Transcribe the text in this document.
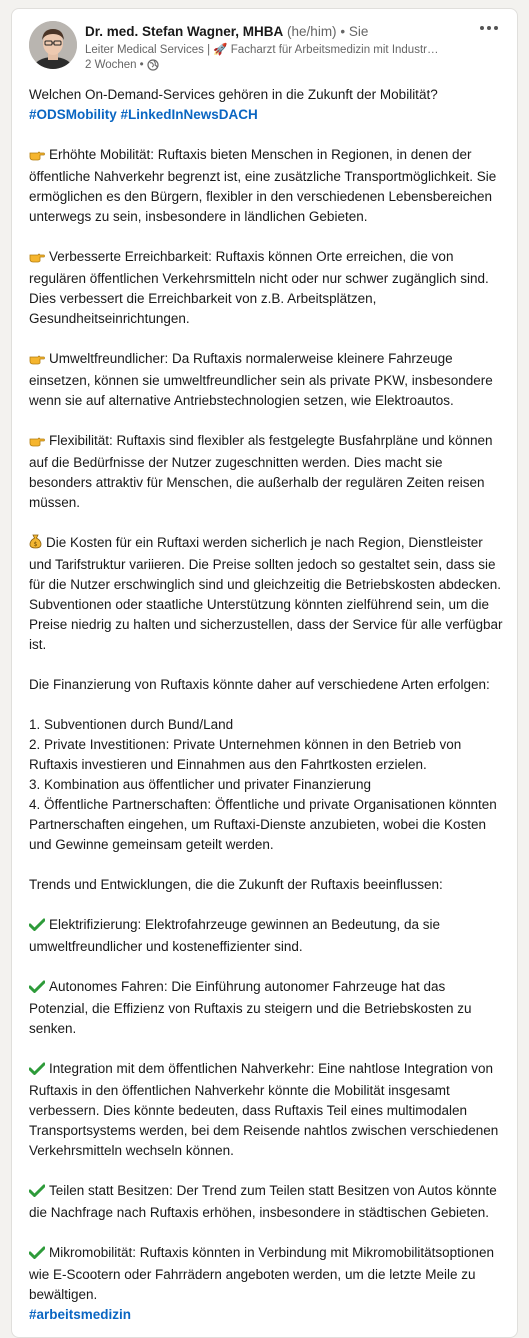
Dr. med. Stefan Wagner, MHBA (he/him) • Sie
Leiter Medical Services | 🚀 Facharzt für Arbeitsmedizin mit Industr…
2 Wochen •

Welchen On-Demand-Services gehören in die Zukunft der Mobilität?

#ODSMobility #LinkedInNewsDACH

Erhöhte Mobilität: Ruftaxis bieten Menschen in Regionen, in denen der öffentliche Nahverkehr begrenzt ist, eine zusätzliche Transportmöglichkeit. Sie ermöglichen es den Bürgern, flexibler in den verschiedenen Lebensbereichen unterwegs zu sein, insbesondere in ländlichen Gebieten.

Verbesserte Erreichbarkeit: Ruftaxis können Orte erreichen, die von regulären öffentlichen Verkehrsmitteln nicht oder nur schwer zugänglich sind. Dies verbessert die Erreichbarkeit von z.B. Arbeitsplätzen, Gesundheitseinrichtungen.

Umweltfreundlicher: Da Ruftaxis normalerweise kleinere Fahrzeuge einsetzen, können sie umweltfreundlicher sein als private PKW, insbesondere wenn sie auf alternative Antriebstechnologien setzen, wie Elektroautos.

Flexibilität: Ruftaxis sind flexibler als festgelegte Busfahrpläne und können auf die Bedürfnisse der Nutzer zugeschnitten werden. Dies macht sie besonders attraktiv für Menschen, die außerhalb der regulären Zeiten reisen müssen.

$ Die Kosten für ein Ruftaxi werden sicherlich je nach Region, Dienstleister und Tarifstruktur variieren. Die Preise sollten jedoch so gestaltet sein, dass sie für die Nutzer erschwinglich sind und gleichzeitig die Betriebskosten abdecken. Subventionen oder staatliche Unterstützung könnten zielführend sein, um die Preise niedrig zu halten und sicherzustellen, dass der Service für alle verfügbar ist.

Die Finanzierung von Ruftaxis könnte daher auf verschiedene Arten erfolgen:

1. Subventionen durch Bund/Land

2. Private Investitionen: Private Unternehmen können in den Betrieb von Ruftaxis investieren und Einnahmen aus den Fahrtkosten erzielen.

3. Kombination aus öffentlicher und privater Finanzierung

4. Öffentliche Partnerschaften: Öffentliche und private Organisationen könnten Partnerschaften eingehen, um Ruftaxi-Dienste anzubieten, wobei die Kosten und Gewinne gemeinsam geteilt werden.

Trends und Entwicklungen, die die Zukunft der Ruftaxis beeinflussen:

Elektrifizierung: Elektrofahrzeuge gewinnen an Bedeutung, da sie umweltfreundlicher und kosteneffizienter sind.

Autonomes Fahren: Die Einführung autonomer Fahrzeuge hat das Potenzial, die Effizienz von Ruftaxis zu steigern und die Betriebskosten zu senken.

Integration mit dem öffentlichen Nahverkehr: Eine nahtlose Integration von Ruftaxis in den öffentlichen Nahverkehr könnte die Mobilität insgesamt verbessern. Dies könnte bedeuten, dass Ruftaxis Teil eines multimodalen Transportsystems werden, bei dem Reisende nahtlos zwischen verschiedenen Verkehrsmitteln wechseln können.

Teilen statt Besitzen: Der Trend zum Teilen statt Besitzen von Autos könnte die Nachfrage nach Ruftaxis erhöhen, insbesondere in städtischen Gebieten.

Mikromobilität: Ruftaxis könnten in Verbindung mit Mikromobilitätsoptionen wie E-Scootern oder Fahrrädern angeboten werden, um die letzte Meile zu bewältigen.

#arbeitsmedizin
